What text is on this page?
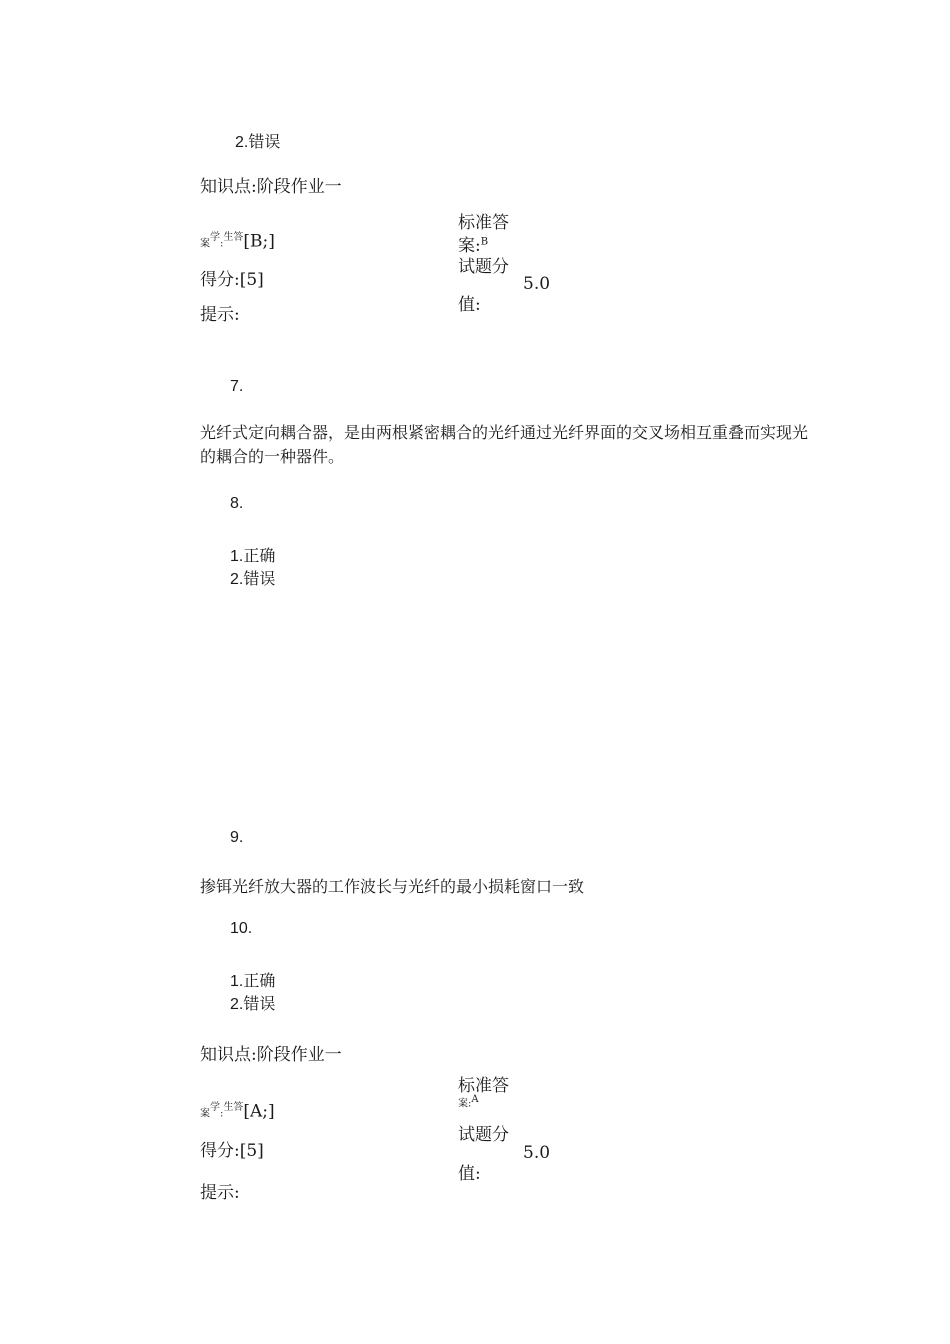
2.错误
知识点:阶段作业一
案$^学$:$^{生答}$[B;]
得分:[5]
提示:
标准答
案:$^B$
试题分
值:
5.0
7.
光纤式定向耦合器，是由两根紧密耦合的光纤通过光纤界面的交叉场相互重叠而实现光的耦合的一种器件。
8.
1.正确
2.错误
9.
掺铒光纤放大器的工作波长与光纤的最小损耗窗口一致
10.
1.正确
2.错误
知识点:阶段作业一
案$^学$:$^{生答}$[A;]
得分:[5]
提示:
标准答
案:A
试题分
值:
5.0
